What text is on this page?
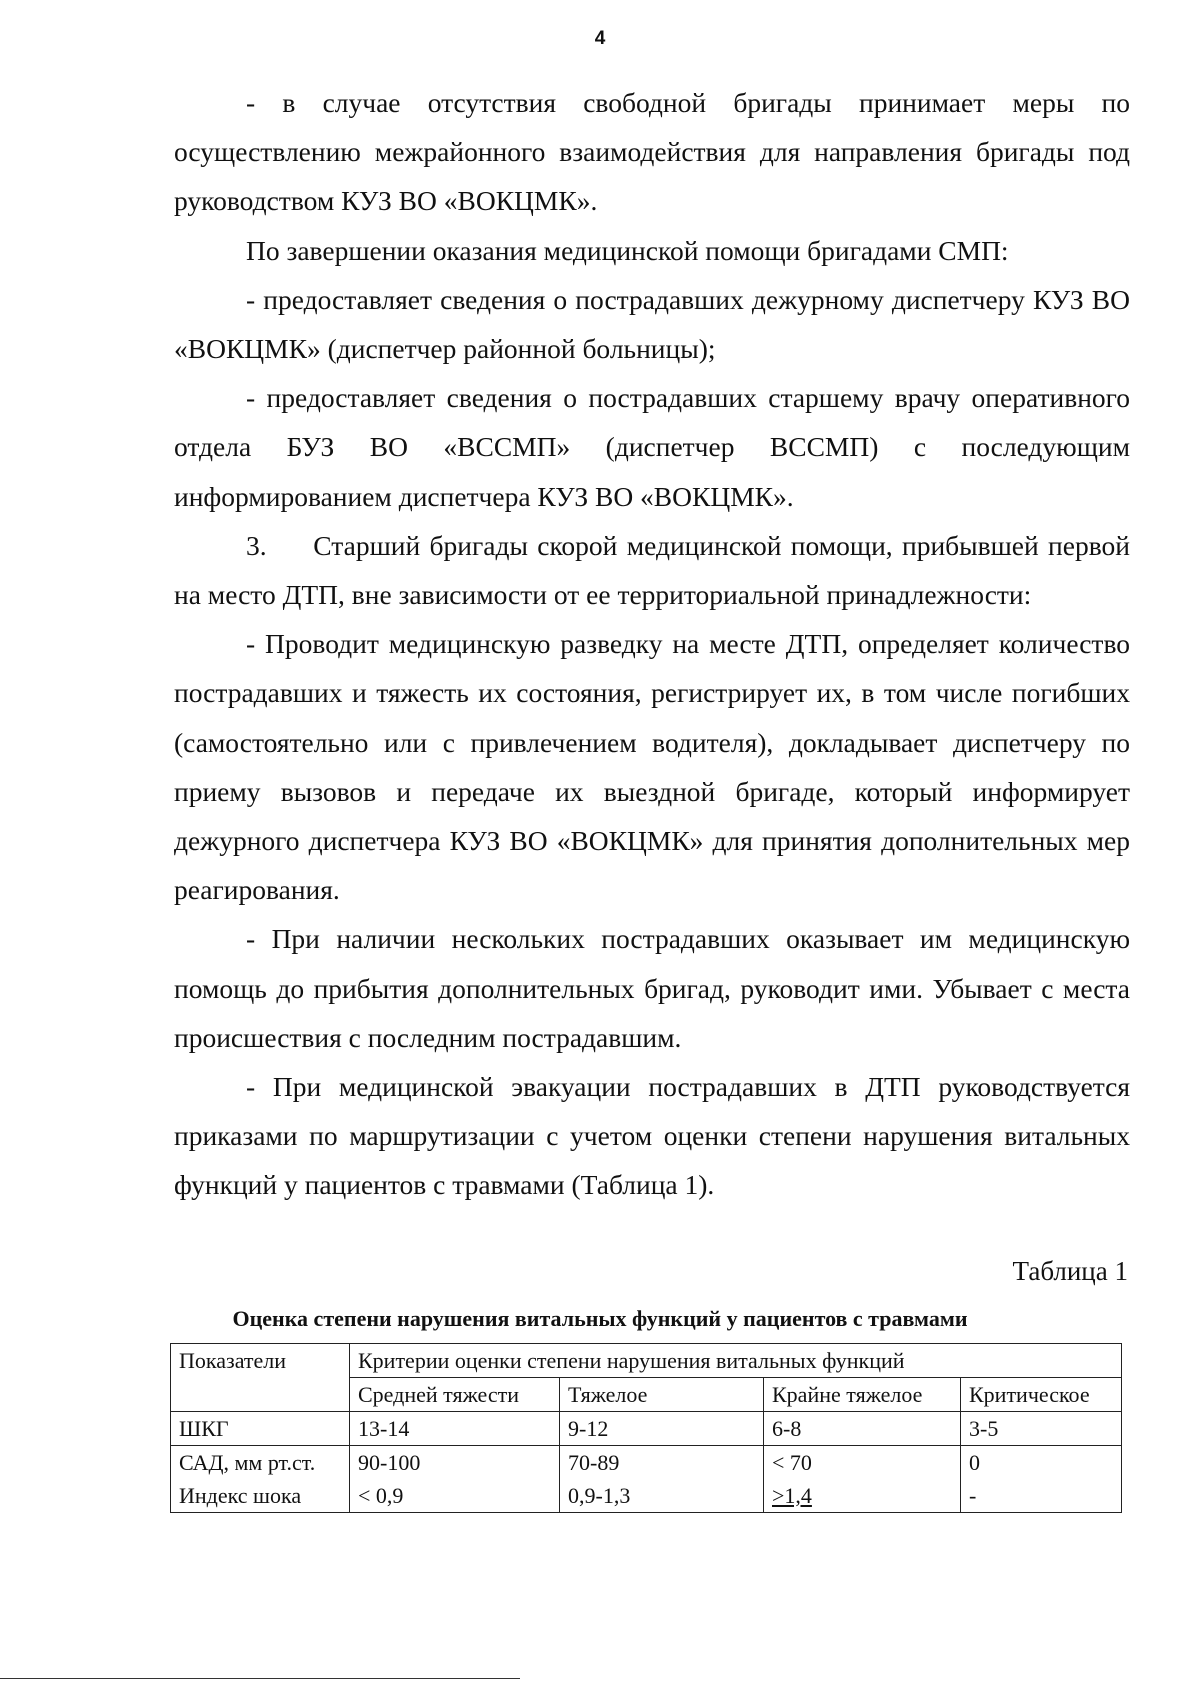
4

- в случае отсутствия свободной бригады принимает меры по осуществлению межрайонного взаимодействия для направления бригады под руководством КУЗ ВО «ВОКЦМК».

По завершении оказания медицинской помощи бригадами СМП:

- предоставляет сведения о пострадавших дежурному диспетчеру КУЗ ВО «ВОКЦМК» (диспетчер районной больницы);

- предоставляет сведения о пострадавших старшему врачу оперативного отдела БУЗ ВО «ВССМП» (диспетчер ВССМП) с последующим информированием диспетчера КУЗ ВО «ВОКЦМК».

3.     Старший бригады скорой медицинской помощи, прибывшей первой на место ДТП, вне зависимости от ее территориальной принадлежности:

- Проводит медицинскую разведку на месте ДТП, определяет количество пострадавших и тяжесть их состояния, регистрирует их, в том числе погибших (самостоятельно или с привлечением водителя), докладывает диспетчеру по приему вызовов и передаче их выездной бригаде, который информирует дежурного диспетчера КУЗ ВО «ВОКЦМК» для принятия дополнительных мер реагирования.

- При наличии нескольких пострадавших оказывает им медицинскую помощь до прибытия дополнительных бригад, руководит ими. Убывает с места происшествия с последним пострадавшим.

- При медицинской эвакуации пострадавших в ДТП руководствуется приказами по маршрутизации с учетом оценки степени нарушения витальных функций у пациентов с травмами (Таблица 1).

Таблица 1
Оценка степени нарушения витальных функций у пациентов с травмами
Показатели	Критерии оценки степени нарушения витальных функций			
	Средней тяжести	Тяжелое	Крайне тяжелое	Критическое
ШКГ	13-14	9-12	6-8	3-5
САД, мм рт.ст.	90-100	70-89	< 70	0
Индекс шока	< 0,9	0,9-1,3	>1,4	-
